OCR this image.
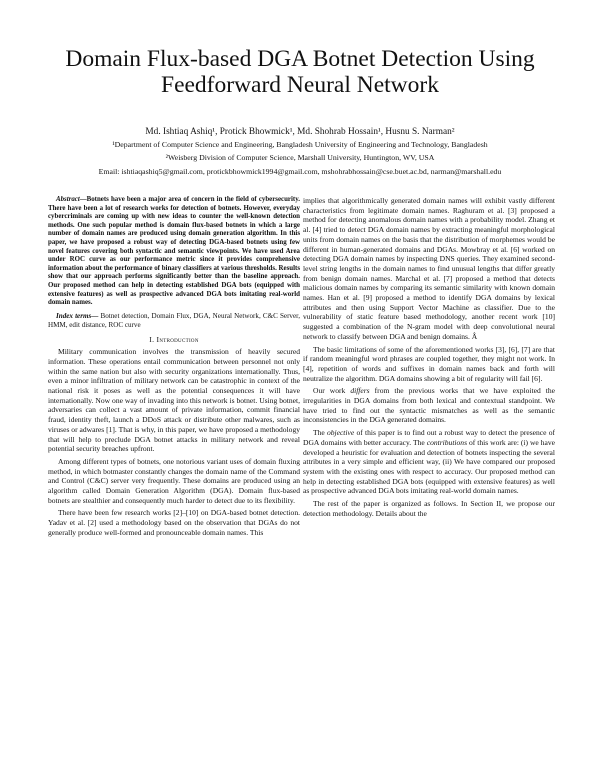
Domain Flux-based DGA Botnet Detection Using Feedforward Neural Network
Md. Ishtiaq Ashiq¹, Protick Bhowmick¹, Md. Shohrab Hossain¹, Husnu S. Narman²
¹Department of Computer Science and Engineering, Bangladesh University of Engineering and Technology, Bangladesh
²Weisberg Division of Computer Science, Marshall University, Huntington, WV, USA
Email: ishtiaqashiq5@gmail.com, protickbhowmick1994@gmail.com, mshohrabhossain@cse.buet.ac.bd, narman@marshall.edu

Abstract—Botnets have been a major area of concern in the field of cybersecurity. There have been a lot of research works for detection of botnets. However, everyday cybercriminals are coming up with new ideas to counter the well-known detection methods. One such popular method is domain flux-based botnets in which a large number of domain names are produced using domain generation algorithm. In this paper, we have proposed a robust way of detecting DGA-based botnets using few novel features covering both syntactic and semantic viewpoints. We have used Area under ROC curve as our performance metric since it provides comprehensive information about the performance of binary classifiers at various thresholds. Results show that our approach performs significantly better than the baseline approach. Our proposed method can help in detecting established DGA bots (equipped with extensive features) as well as prospective advanced DGA bots imitating real-world domain names.

Index terms— Botnet detection, Domain Flux, DGA, Neural Network, C&C Server, HMM, edit distance, ROC curve

I. Introduction

Military communication involves the transmission of heavily secured information. These operations entail communication between personnel not only within the same nation but also with security organizations internationally. Thus, even a minor infiltration of military network can be catastrophic in context of the national risk it poses as well as the potential consequences it will have internationally. Now one way of invading into this network is botnet. Using botnet, adversaries can collect a vast amount of private information, commit financial fraud, identity theft, launch a DDoS attack or distribute other malwares, such as viruses or adwares [1]. That is why, in this paper, we have proposed a methodology that will help to preclude DGA botnet attacks in military network and reveal potential security breaches upfront.

Among different types of botnets, one notorious variant uses of domain fluxing method, in which botmaster constantly changes the domain name of the Command and Control (C&C) server very frequently. These domains are produced using an algorithm called Domain Generation Algorithm (DGA). Domain flux-based botnets are stealthier and consequently much harder to detect due to its flexibility.

There have been few research works [2]–[10] on DGA-based botnet detection. Yadav et al. [2] used a methodology based on the observation that DGAs do not generally produce well-formed and pronounceable domain names. This

implies that algorithmically generated domain names will exhibit vastly different characteristics from legitimate domain names. Raghuram et al. [3] proposed a method for detecting anomalous domain names with a probability model. Zhang et al. [4] tried to detect DGA domain names by extracting meaningful morphological units from domain names on the basis that the distribution of morphemes would be different in human-generated domains and DGAs. Mowbray et al. [6] worked on detecting DGA domain names by inspecting DNS queries. They examined second-level string lengths in the domain names to find unusual lengths that differ greatly from benign domain names. Marchal et al. [7] proposed a method that detects malicious domain names by comparing its semantic similarity with known domain names. Han et al. [9] proposed a method to identify DGA domains by lexical attributes and then using Support Vector Machine as classifier. Due to the vulnerability of static feature based methodology, another recent work [10] suggested a combination of the N-gram model with deep convolutional neural network to classify between DGA and benign domains. Â

The basic limitations of some of the aforementioned works [3], [6], [7] are that if random meaningful word phrases are coupled together, they might not work. In [4], repetition of words and suffixes in domain names back and forth will neutralize the algorithm. DGA domains showing a bit of regularity will fail [6].

Our work differs from the previous works that we have exploited the irregularities in DGA domains from both lexical and contextual standpoint. We have tried to find out the syntactic mismatches as well as the semantic inconsistencies in the DGA generated domains.

The objective of this paper is to find out a robust way to detect the presence of DGA domains with better accuracy. The contributions of this work are: (i) we have developed a heuristic for evaluation and detection of botnets inspecting the several attributes in a very simple and efficient way, (ii) We have compared our proposed system with the existing ones with respect to accuracy. Our proposed method can help in detecting established DGA bots (equipped with extensive features) as well as prospective advanced DGA bots imitating real-world domain names.

The rest of the paper is organized as follows. In Section II, we propose our detection methodology. Details about the
